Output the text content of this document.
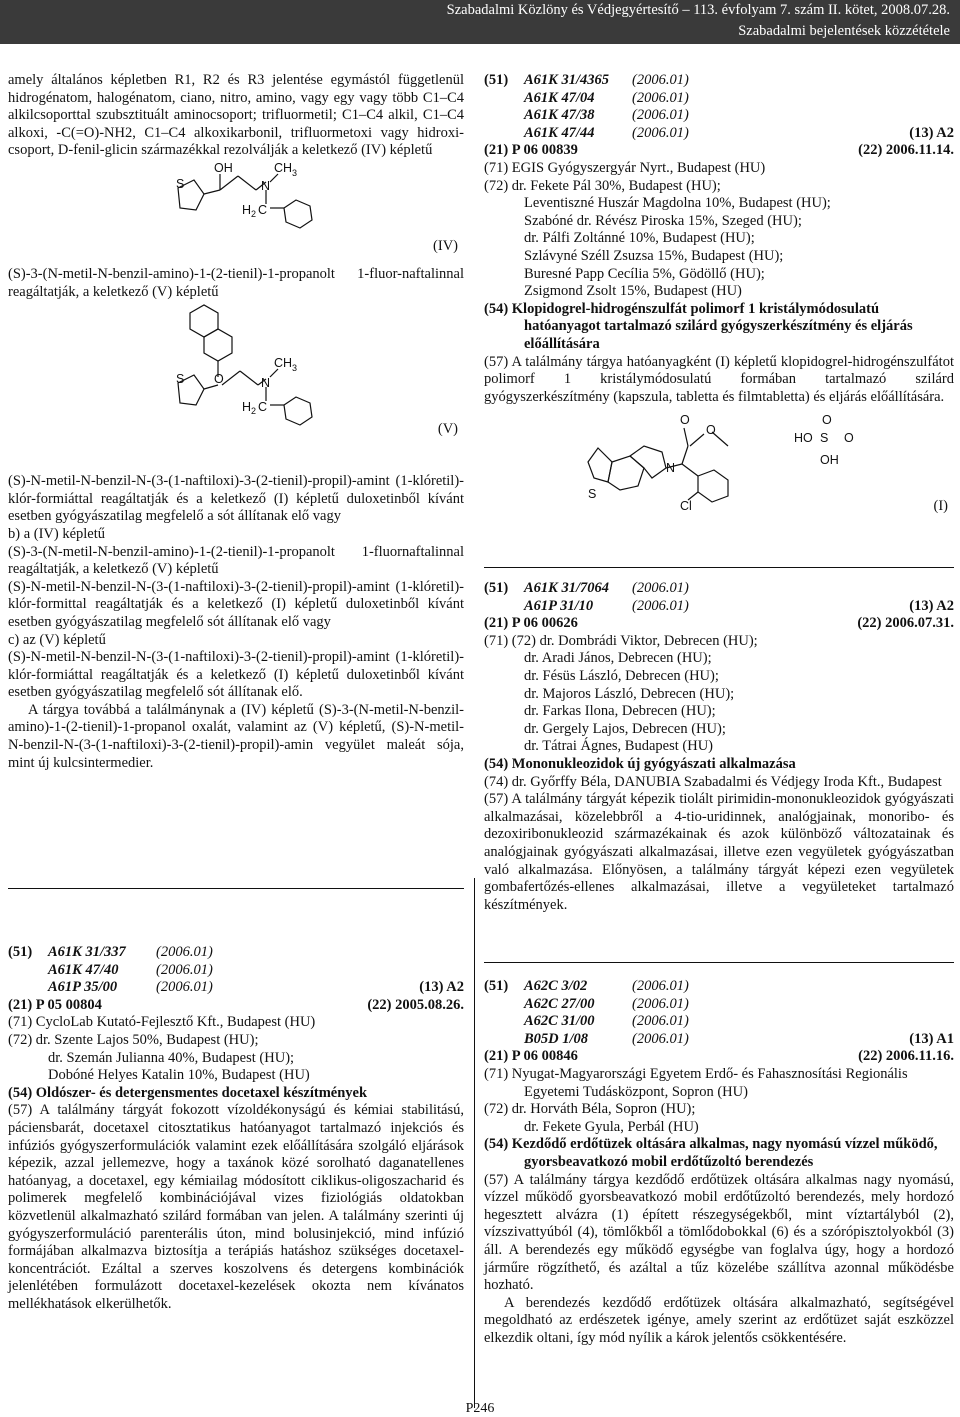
Szabadalmi Közlöny és Védjegyértesítő – 113. évfolyam 7. szám II. kötet, 2008.07.28.
Szabadalmi bejelentések közzététele
amely általános képletben R1, R2 és R3 jelentése egymástól függetlenül hidrogénatom, halogénatom, ciano, nitro, amino, vagy egy vagy több C1–C4 alkilcsoporttal szubsztituált aminocsoport; trifluormetil; C1–C4 alkil, C1–C4 alkoxi, -C(=O)-NH2, C1–C4 alkoxikarbonil, trifluormetoxi vagy hidroxi-csoport, D-fenil-glicin származékkal rezolválják a keletkező (IV) képletű
S
OH
N
CH 3
H 2 C
(IV)
(S)-3-(N-metil-N-benzil-amino)-1-(2-tienil)-1-propanolt 1-fluor-naftalinnal reagáltatják, a keletkező (V) képletű
O
S	N
CH 3
H 2 C
(V)
(S)-N-metil-N-benzil-N-(3-(1-naftiloxi)-3-(2-tienil)-propil)-amint (1-klóretil)-klór-formiáttal reagáltatják és a keletkező (I) képletű duloxetinből kívánt esetben gyógyászatilag megfelelő a sót állítanak elő vagy
b) a (IV) képletű
(S)-3-(N-metil-N-benzil-amino)-1-(2-tienil)-1-propanolt 1-fluornaftalinnal reagáltatják, a keletkező (V) képletű
(S)-N-metil-N-benzil-N-(3-(1-naftiloxi)-3-(2-tienil)-propil)-amint (1-klóretil)-klór-formittal reagáltatják és a keletkező (I) képletű duloxetinből kívánt esetben gyógyászatilag megfelelő sót állítanak elő vagy
c) az (V) képletű
(S)-N-metil-N-benzil-N-(3-(1-naftiloxi)-3-(2-tienil)-propil)-amint (1-klóretil)-klór-formiáttal reagáltatják és a keletkező (I) képletű duloxetinből kívánt esetben gyógyászatilag megfelelő sót állítanak elő.
A tárgya továbbá a találmánynak a (IV) képletű (S)-3-(N-metil-N-benzil-amino)-1-(2-tienil)-1-propanol oxalát, valamint az (V) képletű, (S)-N-metil-N-benzil-N-(3-(1-naftiloxi)-3-(2-tienil)-propil)-amin vegyület maleát sója, mint új kulcsintermedier.
(51)	A61K 31/337	(2006.01)
A61K 47/40	(2006.01)
A61P 35/00	(2006.01)	(13) A2
(21) P 05 00804	(22) 2005.08.26.
(71) CycloLab Kutató-Fejlesztő Kft., Budapest (HU)
(72) dr. Szente Lajos 50%, Budapest (HU);
dr. Szemán Julianna 40%, Budapest (HU);
Dobóné Helyes Katalin 10%, Budapest (HU)
(54) Oldószer- és detergensmentes docetaxel készítmények
(57) A találmány tárgyát fokozott vízoldékonyságú és kémiai stabilitású, páciensbarát, docetaxel citosztatikus hatóanyagot tartalmazó injekciós és infúziós gyógyszerformulációk valamint ezek előállítására szolgáló eljárások képezik, azzal jellemezve, hogy a taxánok közé sorolható daganatellenes hatóanyag, a docetaxel, egy kémiailag módosított ciklikus-oligoszacharid és polimerek megfelelő kombinációjával vizes fiziológiás oldatokban közvetlenül alkalmazható szilárd formában van jelen. A találmány szerinti új gyógyszerformuláció parenterális úton, mind bolusinjekció, mind infúzió formájában alkalmazva biztosítja a terápiás hatáshoz szükséges docetaxel-koncentrációt. Ezáltal a szerves koszolvens és detergens kombinációk jelenlétében formulázott docetaxel-kezelések okozta nem kívánatos mellékhatások elkerülhetők.
(51)	A61K 31/4365	(2006.01)
A61K 47/04	(2006.01)
A61K 47/38	(2006.01)
A61K 47/44	(2006.01)	(13) A2
(21) P 06 00839	(22) 2006.11.14.
(71) EGIS Gyógyszergyár Nyrt., Budapest (HU)
(72) dr. Fekete Pál 30%, Budapest (HU);
Leventiszné Huszár Magdolna 10%, Budapest (HU);
Szabóné dr. Révész Piroska 15%, Szeged (HU);
dr. Pálfi Zoltánné 10%, Budapest (HU);
Szlávyné Széll Zsuzsa 15%, Budapest (HU);
Buresné Papp Cecília 5%, Gödöllő (HU);
Zsigmond Zsolt 15%, Budapest (HU)
(54) Klopidogrel-hidrogénszulfát polimorf 1 kristálymódosulatú hatóanyagot tartalmazó szilárd gyógyszerkészítmény és eljárás előállítására
(57) A találmány tárgya hatóanyagként (I) képletű klopidogrel-hidrogénszulfátot polimorf 1 kristálymódosulatú formában tartalmazó szilárd gyógyszerkészítmény (kapszula, tabletta és filmtabletta) és eljárás előállítására.
S
N
O
O
Cl
HO S O
O
OH
(I)
(51)	A61K 31/7064	(2006.01)
A61P 31/10	(2006.01)	(13) A2
(21) P 06 00626	(22) 2006.07.31.
(71) (72) dr. Dombrádi Viktor, Debrecen (HU);
dr. Aradi János, Debrecen (HU);
dr. Fésüs László, Debrecen (HU);
dr. Majoros László, Debrecen (HU);
dr. Farkas Ilona, Debrecen (HU);
dr. Gergely Lajos, Debrecen (HU);
dr. Tátrai Ágnes, Budapest (HU)
(54) Mononukleozidok új gyógyászati alkalmazása
(74) dr. Győrffy Béla, DANUBIA Szabadalmi és Védjegy Iroda Kft., Budapest
(57) A találmány tárgyát képezik tiolált pirimidin-mononukleozidok gyógyászati alkalmazásai, közelebbről a 4-tio-uridinnek, analógjainak, monoribo- és dezoxiribonukleozid származékainak és azok különböző változatainak és analógjainak gyógyászati alkalmazásai, illetve ezen vegyületek gyógyászatban való alkalmazása. Előnyösen, a találmány tárgyát képezi ezen vegyületek gombafertőzés-ellenes alkalmazásai, illetve a vegyületeket tartalmazó készítmények.
(51)	A62C 3/02	(2006.01)
A62C 27/00	(2006.01)
A62C 31/00	(2006.01)
B05D 1/08	(2006.01)	(13) A1
(21) P 06 00846	(22) 2006.11.16.
(71) Nyugat-Magyarországi Egyetem Erdő- és Fahasznosítási Regionális Egyetemi Tudásközpont, Sopron (HU)
(72) dr. Horváth Béla, Sopron (HU);
dr. Fekete Gyula, Perbál (HU)
(54) Kezdődő erdőtüzek oltására alkalmas, nagy nyomású vízzel működő, gyorsbeavatkozó mobil erdőtűzoltó berendezés
(57) A találmány tárgya kezdődő erdőtüzek oltására alkalmas nagy nyomású, vízzel működő gyorsbeavatkozó mobil erdőtűzoltó berendezés, mely hordozó hegesztett alvázra (1) épített részegységekből, mint víztartályból (2), vízszivattyúból (4), tömlőkből a tömlődobokkal (6) és a szórópisztolyokból (3) áll. A berendezés egy működő egységbe van foglalva úgy, hogy a hordozó járműre rögzíthető, és azáltal a tűz közelébe szállítva azonnal működésbe hozható.
A berendezés kezdődő erdőtüzek oltására alkalmazható, segítségével megoldható az erdészetek igénye, amely szerint az erdőtüzet saját eszközzel elkezdik oltani, így mód nyílik a károk jelentős csökkentésére.
P246
